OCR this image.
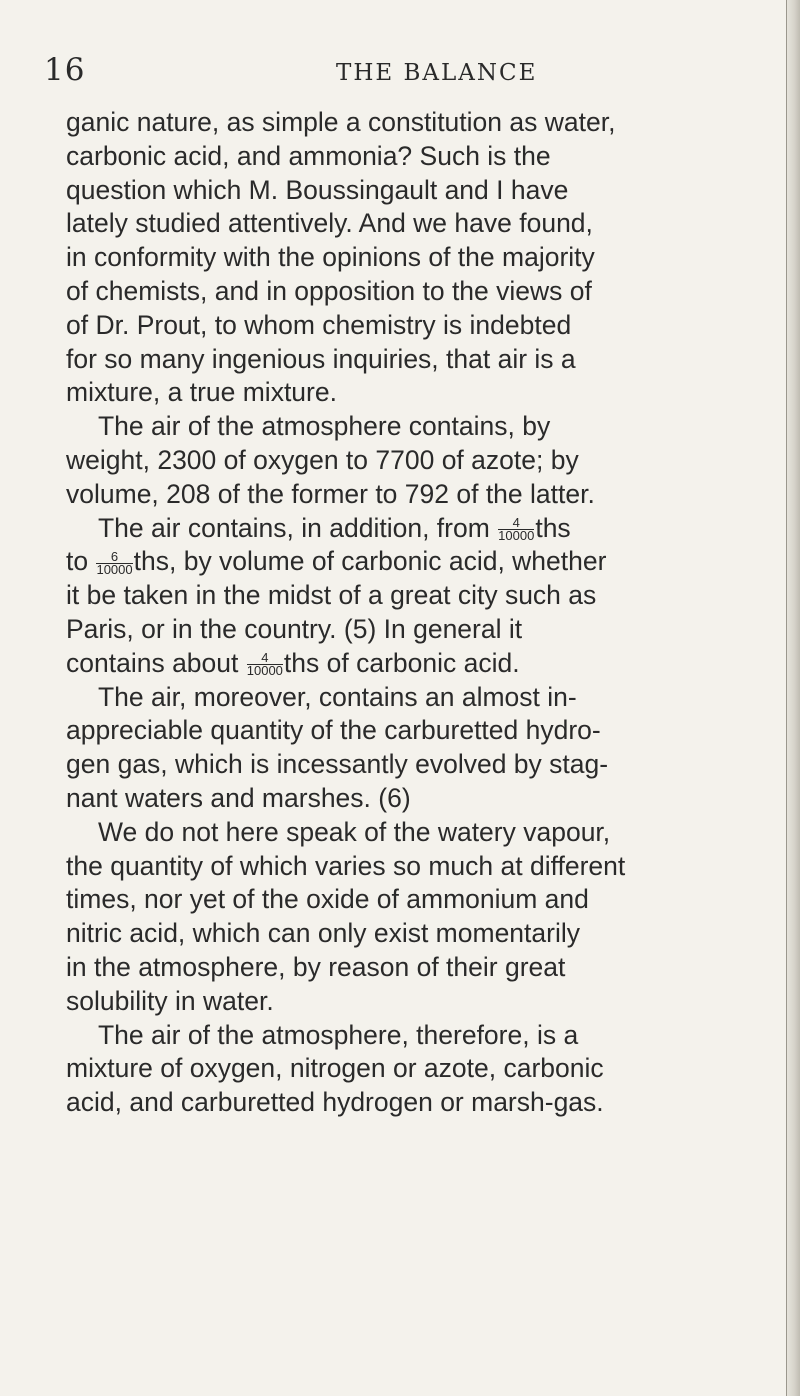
16	THE BALANCE
ganic nature, as simple a constitution as water,
carbonic acid, and ammonia? Such is the
question which M. Boussingault and I have
lately studied attentively. And we have found,
in conformity with the opinions of the majority
of chemists, and in opposition to the views of
of Dr. Prout, to whom chemistry is indebted
for so many ingenious inquiries, that air is a
mixture, a true mixture.
The air of the atmosphere contains, by
weight, 2300 of oxygen to 7700 of azote; by
volume, 208 of the former to 792 of the latter.
The air contains, in addition, from $\frac{4}{10000}$ ths
to $\frac{6}{10000}$ ths, by volume of carbonic acid, whether
it be taken in the midst of a great city such as
Paris, or in the country. (5) In general it
contains about $\frac{4}{10000}$ ths of carbonic acid.
The air, moreover, contains an almost in-
appreciable quantity of the carburetted hydro-
gen gas, which is incessantly evolved by stag-
nant waters and marshes. (6)
We do not here speak of the watery vapour,
the quantity of which varies so much at different
times, nor yet of the oxide of ammonium and
nitric acid, which can only exist momentarily
in the atmosphere, by reason of their great
solubility in water.
The air of the atmosphere, therefore, is a
mixture of oxygen, nitrogen or azote, carbonic
acid, and carburetted hydrogen or marsh-gas.
